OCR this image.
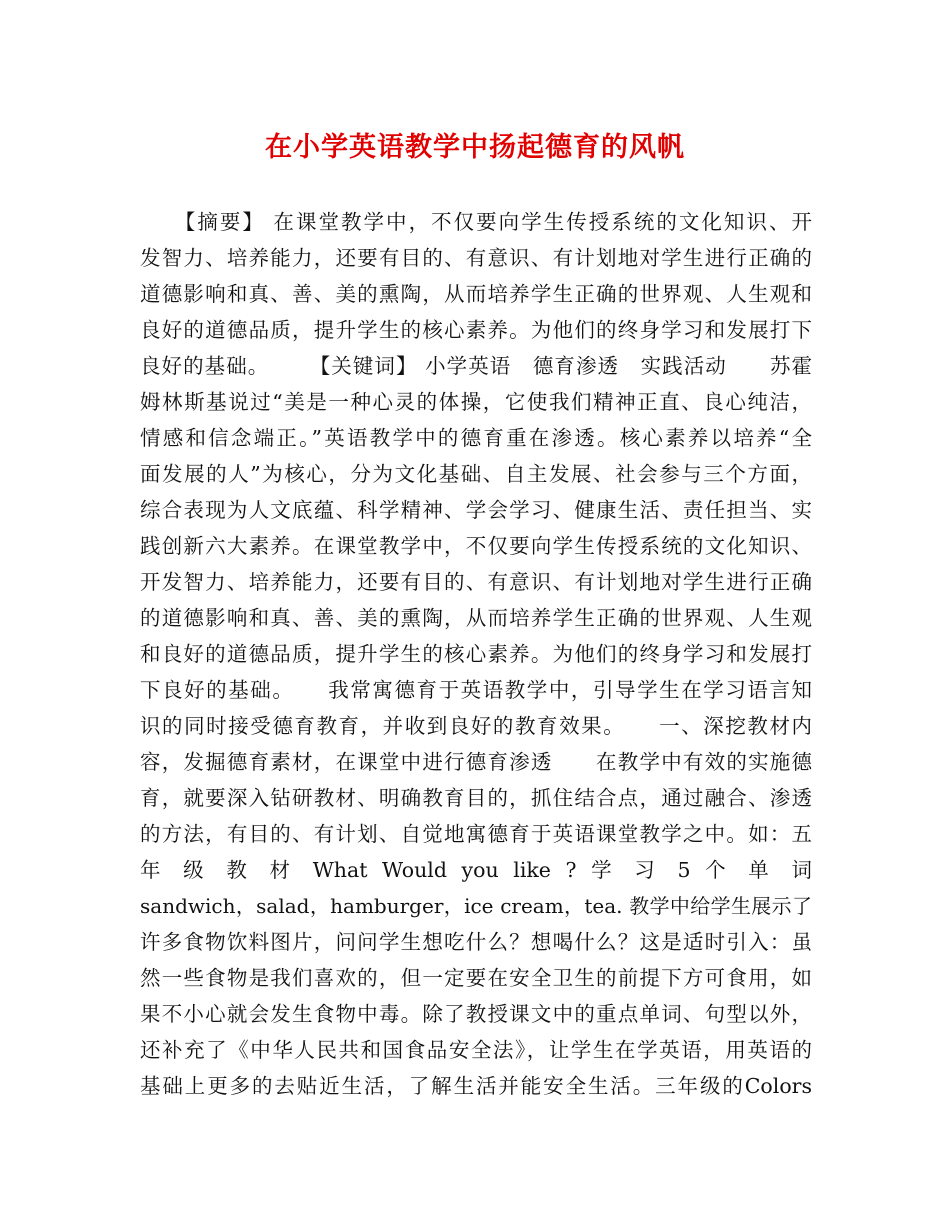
在小学英语教学中扬起德育的风帆
　　【摘要】 在课堂教学中，不仅要向学生传授系统的文化知识、开
发智力、培养能力，还要有目的、有意识、有计划地对学生进行正确的
道德影响和真、善、美的熏陶，从而培养学生正确的世界观、人生观和
良好的道德品质，提升学生的核心素养。为他们的终身学习和发展打下
良好的基础。　　 【关键词】 小学英语　德育渗透　实践活动　　苏霍
姆林斯基说过“美是一种心灵的体操，它使我们精神正直、良心纯洁，
情感和信念端正。”英语教学中的德育重在渗透。核心素养以培养“全
面发展的人”为核心，分为文化基础、自主发展、社会参与三个方面，
综合表现为人文底蕴、科学精神、学会学习、健康生活、责任担当、实
践创新六大素养。在课堂教学中，不仅要向学生传授系统的文化知识、
开发智力、培养能力，还要有目的、有意识、有计划地对学生进行正确
的道德影响和真、善、美的熏陶，从而培养学生正确的世界观、人生观
和良好的道德品质，提升学生的核心素养。为他们的终身学习和发展打
下良好的基础。　　我常寓德育于英语教学中，引导学生在学习语言知
识的同时接受德育教育，并收到良好的教育效果。　　一、深挖教材内
容，发掘德育素材，在课堂中进行德育渗透　　在教学中有效的实施德
育，就要深入钻研教材、明确教育目的，抓住结合点，通过融合、渗透
的方法，有目的、有计划、自觉地寓德育于英语课堂教学之中。如：五
年 级 教 材 What Would you like ? 学 习 5 个 单 词
sandwich，salad，hamburger，ice cream，tea. 教学中给学生展示了
许多食物饮料图片，问问学生想吃什么？想喝什么？这是适时引入：虽
然一些食物是我们喜欢的，但一定要在安全卫生的前提下方可食用，如
果不小心就会发生食物中毒。除了教授课文中的重点单词、句型以外，
还补充了《中华人民共和国食品安全法》，让学生在学英语，用英语的
基础上更多的去贴近生活，了解生活并能安全生活。三年级的Colors
